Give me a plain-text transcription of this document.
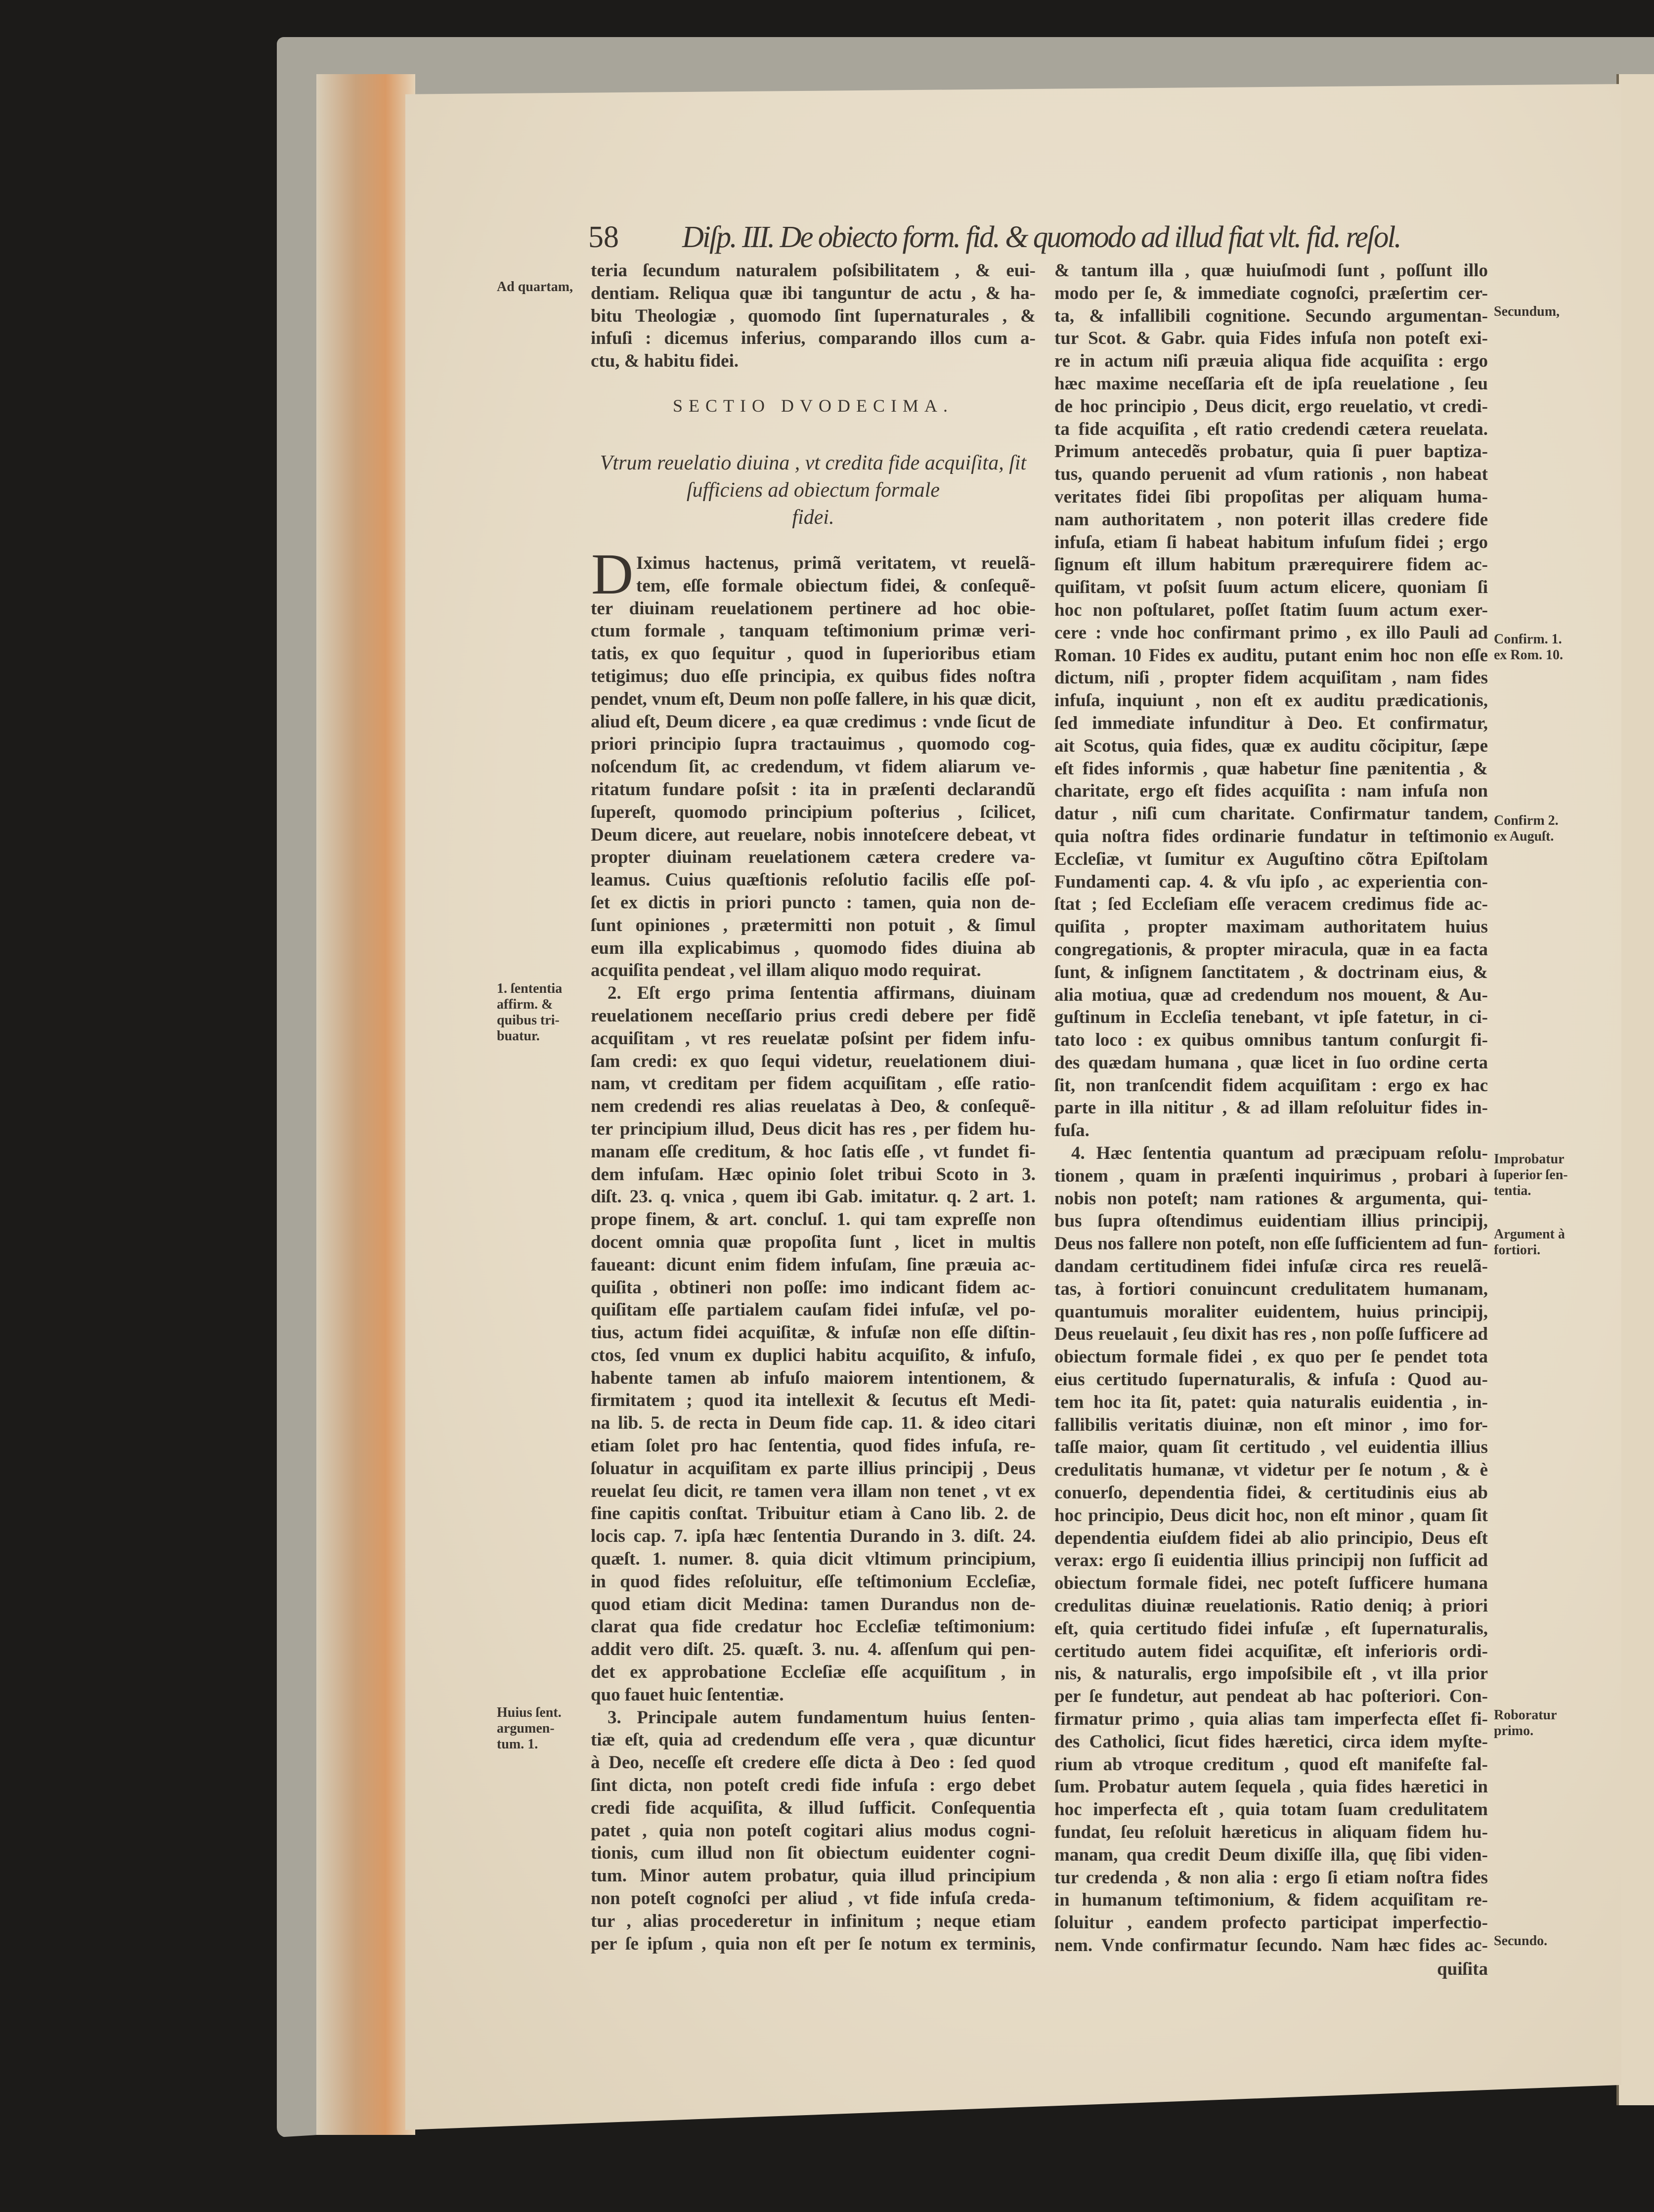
58 Diſp. III. De obiecto form. fid. & quomodo ad illud fiat vlt. fid. reſol.
teria ſecundum naturalem poſsibilitatem , & eui-
dentiam. Reliqua quæ ibi tanguntur de actu , & ha-
bitu Theologiæ , quomodo ſint ſupernaturales , &
infuſi : dicemus inferius, comparando illos cum a-
ctu, & habitu fidei.
SECTIO DVODECIMA.
Vtrum reuelatio diuina , vt credita fide acquiſita, ſit
ſufficiens ad obiectum formale
fidei.
D Iximus hactenus, primã veritatem, vt reuelã-
tem, eſſe formale obiectum fidei, & conſequẽ-
ter diuinam reuelationem pertinere ad hoc obie-
ctum formale , tanquam teſtimonium primæ veri-
tatis, ex quo ſequitur , quod in ſuperioribus etiam
tetigimus; duo eſſe principia, ex quibus fides noſtra
pendet, vnum eſt, Deum non poſſe fallere, in his quæ dicit,
aliud eſt, Deum dicere , ea quæ credimus : vnde ſicut de
priori principio ſupra tractauimus , quomodo cog-
noſcendum ſit, ac credendum, vt fidem aliarum ve-
ritatum fundare poſsit : ita in præſenti declarandũ
ſupereſt, quomodo principium poſterius , ſcilicet,
Deum dicere, aut reuelare, nobis innoteſcere debeat, vt
propter diuinam reuelationem cætera credere va-
leamus. Cuius quæſtionis reſolutio facilis eſſe poſ-
ſet ex dictis in priori puncto : tamen, quia non de-
ſunt opiniones , prætermitti non potuit , & ſimul
eum illa explicabimus , quomodo fides diuina ab
acquiſita pendeat , vel illam aliquo modo requirat.
2. Eſt ergo prima ſententia affirmans, diuinam
reuelationem neceſſario prius credi debere per fidẽ
acquiſitam , vt res reuelatæ poſsint per fidem infu-
ſam credi: ex quo ſequi videtur, reuelationem diui-
nam, vt creditam per fidem acquiſitam , eſſe ratio-
nem credendi res alias reuelatas à Deo, & conſequẽ-
ter principium illud, Deus dicit has res , per fidem hu-
manam eſſe creditum, & hoc ſatis eſſe , vt fundet fi-
dem infuſam. Hæc opinio ſolet tribui Scoto in 3.
diſt. 23. q. vnica , quem ibi Gab. imitatur. q. 2 art. 1.
prope finem, & art. concluſ. 1. qui tam expreſſe non
docent omnia quæ propoſita ſunt , licet in multis
faueant: dicunt enim fidem infuſam, ſine præuia ac-
quiſita , obtineri non poſſe: imo indicant fidem ac-
quiſitam eſſe partialem cauſam fidei infuſæ, vel po-
tius, actum fidei acquiſitæ, & infuſæ non eſſe diſtin-
ctos, ſed vnum ex duplici habitu acquiſito, & infuſo,
habente tamen ab infuſo maiorem intentionem, &
firmitatem ; quod ita intellexit & ſecutus eſt Medi-
na lib. 5. de recta in Deum fide cap. 11. & ideo citari
etiam ſolet pro hac ſententia, quod fides infuſa, re-
ſoluatur in acquiſitam ex parte illius principij , Deus
reuelat ſeu dicit, re tamen vera illam non tenet , vt ex
fine capitis conſtat. Tribuitur etiam à Cano lib. 2. de
locis cap. 7. ipſa hæc ſententia Durando in 3. diſt. 24.
quæſt. 1. numer. 8. quia dicit vltimum principium,
in quod fides reſoluitur, eſſe teſtimonium Eccleſiæ,
quod etiam dicit Medina: tamen Durandus non de-
clarat qua fide credatur hoc Eccleſiæ teſtimonium:
addit vero diſt. 25. quæſt. 3. nu. 4. aſſenſum qui pen-
det ex approbatione Eccleſiæ eſſe acquiſitum , in
quo fauet huic ſententiæ.
3. Principale autem fundamentum huius ſenten-
tiæ eſt, quia ad credendum eſſe vera , quæ dicuntur
à Deo, neceſſe eſt credere eſſe dicta à Deo : ſed quod
ſint dicta, non poteſt credi fide infuſa : ergo debet
credi fide acquiſita, & illud ſufficit. Conſequentia
patet , quia non poteſt cogitari alius modus cogni-
tionis, cum illud non ſit obiectum euidenter cogni-
tum. Minor autem probatur, quia illud principium
non poteſt cognoſci per aliud , vt fide infuſa creda-
tur , alias procederetur in infinitum ; neque etiam
per ſe ipſum , quia non eſt per ſe notum ex terminis,
& tantum illa , quæ huiuſmodi ſunt , poſſunt illo
modo per ſe, & immediate cognoſci, præſertim cer-
ta, & infallibili cognitione. Secundo argumentan-
tur Scot. & Gabr. quia Fides infuſa non poteſt exi-
re in actum niſi præuia aliqua fide acquiſita : ergo
hæc maxime neceſſaria eſt de ipſa reuelatione , ſeu
de hoc principio , Deus dicit, ergo reuelatio, vt credi-
ta fide acquiſita , eſt ratio credendi cætera reuelata.
Primum antecedẽs probatur, quia ſi puer baptiza-
tus, quando peruenit ad vſum rationis , non habeat
veritates fidei ſibi propoſitas per aliquam huma-
nam authoritatem , non poterit illas credere fide
infuſa, etiam ſi habeat habitum infuſum fidei ; ergo
ſignum eſt illum habitum prærequirere fidem ac-
quiſitam, vt poſsit ſuum actum elicere, quoniam ſi
hoc non poſtularet, poſſet ſtatim ſuum actum exer-
cere : vnde hoc confirmant primo , ex illo Pauli ad
Roman. 10 Fides ex auditu, putant enim hoc non eſſe
dictum, niſi , propter fidem acquiſitam , nam fides
infuſa, inquiunt , non eſt ex auditu prædicationis,
ſed immediate infunditur à Deo. Et confirmatur,
ait Scotus, quia fides, quæ ex auditu cõcipitur, ſæpe
eſt fides informis , quæ habetur ſine pænitentia , &
charitate, ergo eſt fides acquiſita : nam infuſa non
datur , niſi cum charitate. Confirmatur tandem,
quia noſtra fides ordinarie fundatur in teſtimonio
Eccleſiæ, vt ſumitur ex Auguſtino cõtra Epiſtolam
Fundamenti cap. 4. & vſu ipſo , ac experientia con-
ſtat ; ſed Eccleſiam eſſe veracem credimus fide ac-
quiſita , propter maximam authoritatem huius
congregationis, & propter miracula, quæ in ea facta
ſunt, & inſignem ſanctitatem , & doctrinam eius, &
alia motiua, quæ ad credendum nos mouent, & Au-
guſtinum in Eccleſia tenebant, vt ipſe fatetur, in ci-
tato loco : ex quibus omnibus tantum conſurgit fi-
des quædam humana , quæ licet in ſuo ordine certa
ſit, non tranſcendit fidem acquiſitam : ergo ex hac
parte in illa nititur , & ad illam reſoluitur fides in-
fuſa.
4. Hæc ſententia quantum ad præcipuam reſolu-
tionem , quam in præſenti inquirimus , probari à
nobis non poteſt; nam rationes & argumenta, qui-
bus ſupra oſtendimus euidentiam illius principij,
Deus nos fallere non poteſt, non eſſe ſufficientem ad fun-
dandam certitudinem fidei infuſæ circa res reuelã-
tas, à fortiori conuincunt credulitatem humanam,
quantumuis moraliter euidentem, huius principij,
Deus reuelauit , ſeu dixit has res , non poſſe ſufficere ad
obiectum formale fidei , ex quo per ſe pendet tota
eius certitudo ſupernaturalis, & infuſa : Quod au-
tem hoc ita ſit, patet: quia naturalis euidentia , in-
fallibilis veritatis diuinæ, non eſt minor , imo for-
taſſe maior, quam ſit certitudo , vel euidentia illius
credulitatis humanæ, vt videtur per ſe notum , & è
conuerſo, dependentia fidei, & certitudinis eius ab
hoc principio, Deus dicit hoc, non eſt minor , quam ſit
dependentia eiuſdem fidei ab alio principio, Deus eſt
verax: ergo ſi euidentia illius principij non ſufficit ad
obiectum formale fidei, nec poteſt ſufficere humana
credulitas diuinæ reuelationis. Ratio deniq; à priori
eſt, quia certitudo fidei infuſæ , eſt ſupernaturalis,
certitudo autem fidei acquiſitæ, eſt inferioris ordi-
nis, & naturalis, ergo impoſsibile eſt , vt illa prior
per ſe fundetur, aut pendeat ab hac poſteriori. Con-
firmatur primo , quia alias tam imperfecta eſſet fi-
des Catholici, ſicut fides hæretici, circa idem myſte-
rium ab vtroque creditum , quod eſt manifeſte fal-
ſum. Probatur autem ſequela , quia fides hæretici in
hoc imperfecta eſt , quia totam ſuam credulitatem
fundat, ſeu reſoluit hæreticus in aliquam fidem hu-
manam, qua credit Deum dixiſſe illa, quę ſibi viden-
tur credenda , & non alia : ergo ſi etiam noſtra fides
in humanum teſtimonium, & fidem acquiſitam re-
ſoluitur , eandem profecto participat imperfectio-
nem. Vnde confirmatur ſecundo. Nam hæc fides ac-
quiſita
Ad quartam,
1. ſententia
affirm. &
quibus tri-
buatur.
Huius ſent.
argumen-
tum. 1.
Secundum,
Confirm. 1.
ex Rom. 10.
Confirm 2.
ex Auguſt.
Improbatur
ſuperior ſen-
tentia.
Argument à
fortiori.
Roboratur
primo.
Secundo.
